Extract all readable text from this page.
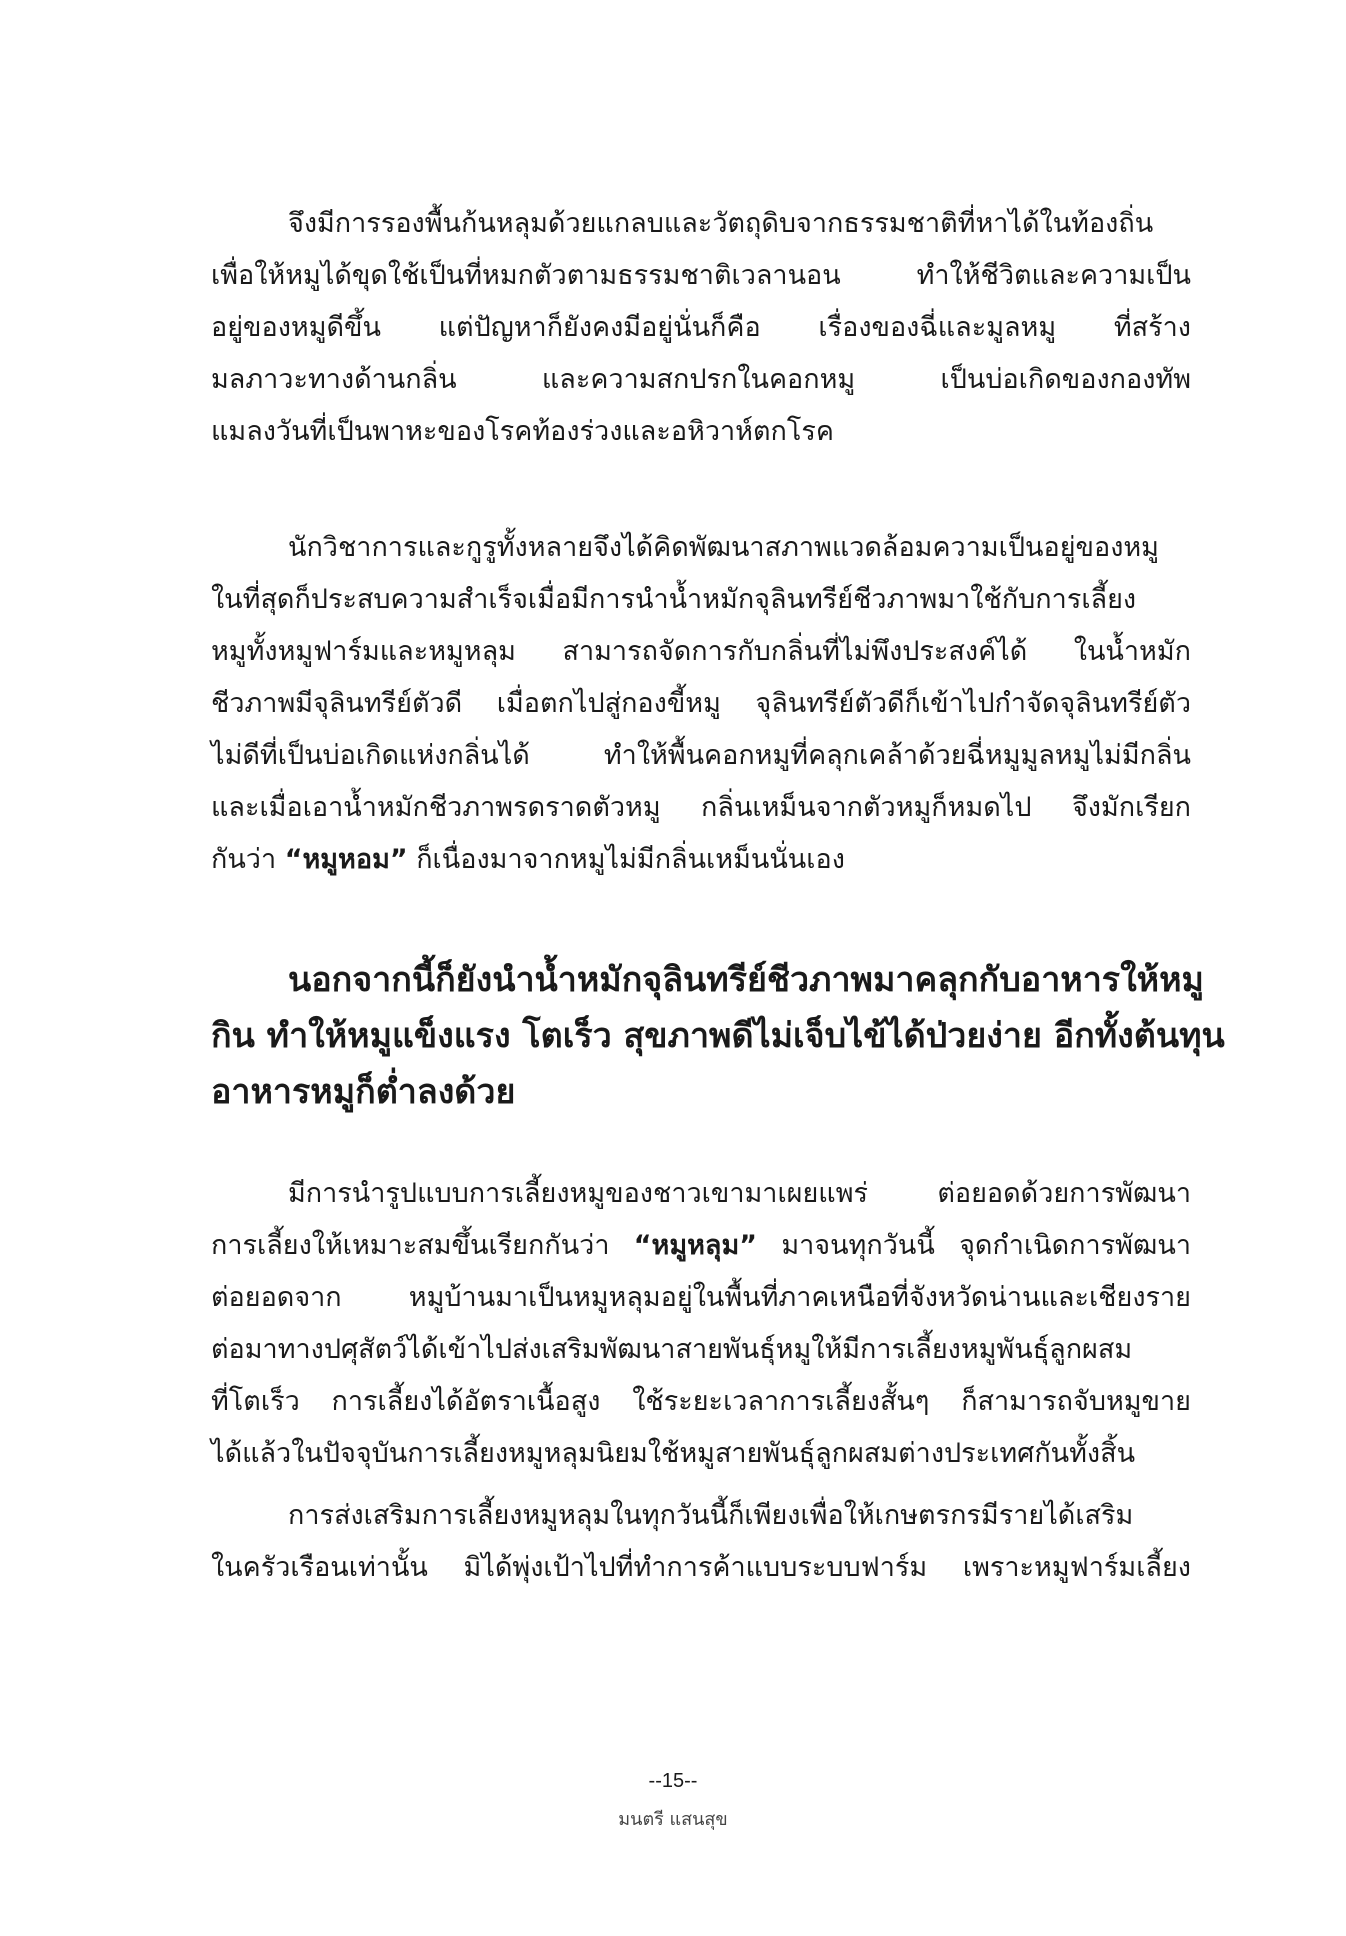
จึงมีการรองพื้นก้นหลุมด้วยแกลบและวัตถุดิบจากธรรมชาติที่หาได้ในท้องถิ่น
เพื่อให้หมูได้ขุดใช้เป็นที่หมกตัวตามธรรมชาติเวลานอน ทำให้ชีวิตและความเป็น
อยู่ของหมูดีขึ้น แต่ปัญหาก็ยังคงมีอยู่นั่นก็คือ เรื่องของฉี่และมูลหมู ที่สร้าง
มลภาวะทางด้านกลิ่น และความสกปรกในคอกหมู เป็นบ่อเกิดของกองทัพ
แมลงวันที่เป็นพาหะของโรคท้องร่วงและอหิวาห์ตกโรค
นักวิชาการและกูรูทั้งหลายจึงได้คิดพัฒนาสภาพแวดล้อมความเป็นอยู่ของหมู
ในที่สุดก็ประสบความสำเร็จเมื่อมีการนำน้ำหมักจุลินทรีย์ชีวภาพมาใช้กับการเลี้ยง
หมูทั้งหมูฟาร์มและหมูหลุม สามารถจัดการกับกลิ่นที่ไม่พึงประสงค์ได้ ในน้ำหมัก
ชีวภาพมีจุลินทรีย์ตัวดี เมื่อตกไปสู่กองขี้หมู จุลินทรีย์ตัวดีก็เข้าไปกำจัดจุลินทรีย์ตัว
ไม่ดีที่เป็นบ่อเกิดแห่งกลิ่นได้ ทำให้พื้นคอกหมูที่คลุกเคล้าด้วยฉี่หมูมูลหมูไม่มีกลิ่น
และเมื่อเอาน้ำหมักชีวภาพรดราดตัวหมู กลิ่นเหม็นจากตัวหมูก็หมดไป จึงมักเรียก
กันว่า “หมูหอม” ก็เนื่องมาจากหมูไม่มีกลิ่นเหม็นนั่นเอง
นอกจากนี้ก็ยังนำน้ำหมักจุลินทรีย์ชีวภาพมาคลุกกับอาหารให้หมู
กิน ทำให้หมูแข็งแรง โตเร็ว สุขภาพดีไม่เจ็บไข้ได้ป่วยง่าย อีกทั้งต้นทุน
อาหารหมูก็ต่ำลงด้วย
มีการนำรูปแบบการเลี้ยงหมูของชาวเขามาเผยแพร่ ต่อยอดด้วยการพัฒนา
การเลี้ยงให้เหมาะสมขึ้นเรียกกันว่า “หมูหลุม” มาจนทุกวันนี้ จุดกำเนิดการพัฒนา
ต่อยอดจาก หมูบ้านมาเป็นหมูหลุมอยู่ในพื้นที่ภาคเหนือที่จังหวัดน่านและเชียงราย
ต่อมาทางปศุสัตว์ได้เข้าไปส่งเสริมพัฒนาสายพันธุ์หมูให้มีการเลี้ยงหมูพันธุ์ลูกผสม
ที่โตเร็ว การเลี้ยงได้อัตราเนื้อสูง ใช้ระยะเวลาการเลี้ยงสั้นๆ ก็สามารถจับหมูขาย
ได้แล้วในปัจจุบันการเลี้ยงหมูหลุมนิยมใช้หมูสายพันธุ์ลูกผสมต่างประเทศกันทั้งสิ้น
การส่งเสริมการเลี้ยงหมูหลุมในทุกวันนี้ก็เพียงเพื่อให้เกษตรกรมีรายได้เสริม
ในครัวเรือนเท่านั้น มิได้พุ่งเป้าไปที่ทำการค้าแบบระบบฟาร์ม เพราะหมูฟาร์มเลี้ยง
--15--
มนตรี แสนสุข
